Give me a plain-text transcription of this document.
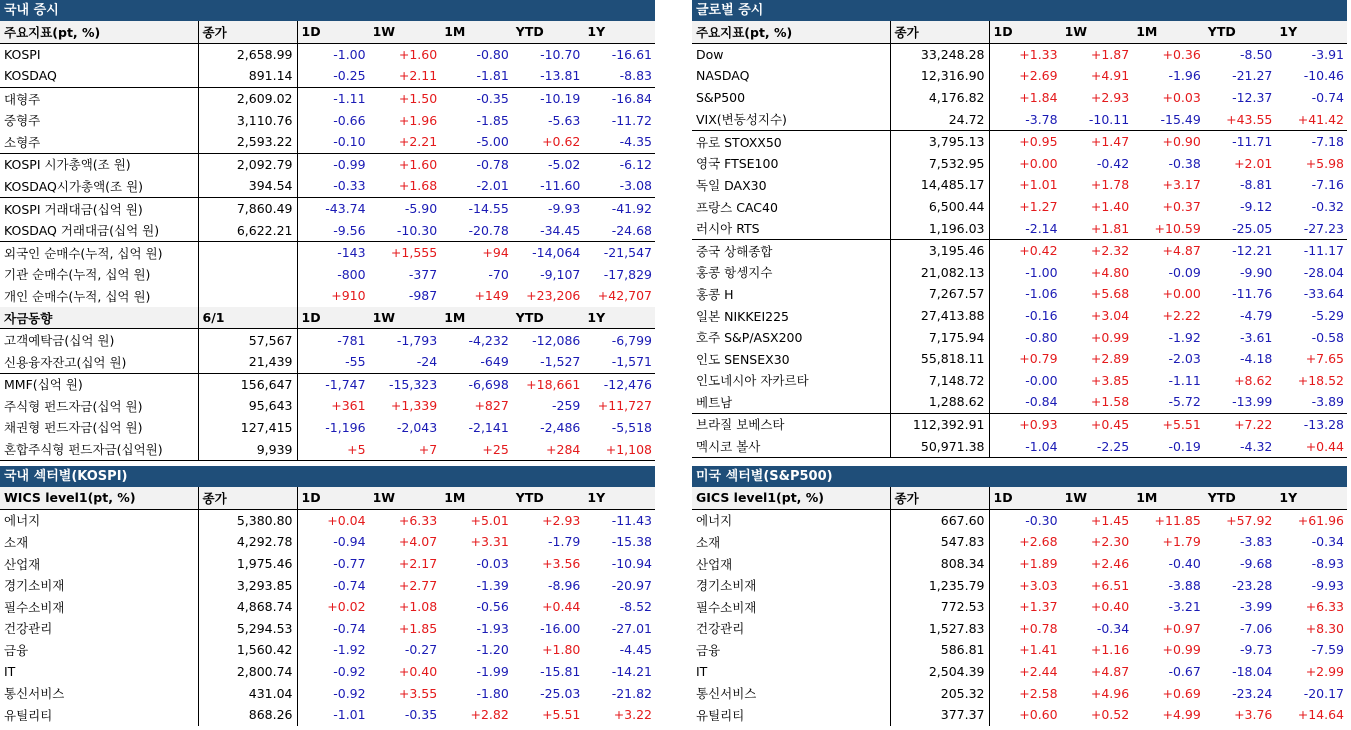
국내 증시
주요지표(pt, %)	종가	1D	1W	1M	YTD	1Y
KOSPI	2,658.99	-1.00	+1.60	-0.80	-10.70	-16.61
KOSDAQ	891.14	-0.25	+2.11	-1.81	-13.81	-8.83
대형주	2,609.02	-1.11	+1.50	-0.35	-10.19	-16.84
중형주	3,110.76	-0.66	+1.96	-1.85	-5.63	-11.72
소형주	2,593.22	-0.10	+2.21	-5.00	+0.62	-4.35
KOSPI 시가총액(조 원)	2,092.79	-0.99	+1.60	-0.78	-5.02	-6.12
KOSDAQ시가총액(조 원)	394.54	-0.33	+1.68	-2.01	-11.60	-3.08
KOSPI 거래대금(십억 원)	7,860.49	-43.74	-5.90	-14.55	-9.93	-41.92
KOSDAQ 거래대금(십억 원)	6,622.21	-9.56	-10.30	-20.78	-34.45	-24.68
외국인 순매수(누적, 십억 원)		-143	+1,555	+94	-14,064	-21,547
기관 순매수(누적, 십억 원)		-800	-377	-70	-9,107	-17,829
개인 순매수(누적, 십억 원)		+910	-987	+149	+23,206	+42,707
자금동향	6/1	1D	1W	1M	YTD	1Y
고객예탁금(십억 원)	57,567	-781	-1,793	-4,232	-12,086	-6,799
신용융자잔고(십억 원)	21,439	-55	-24	-649	-1,527	-1,571
MMF(십억 원)	156,647	-1,747	-15,323	-6,698	+18,661	-12,476
주식형 펀드자금(십억 원)	95,643	+361	+1,339	+827	-259	+11,727
채권형 펀드자금(십억 원)	127,415	-1,196	-2,043	-2,141	-2,486	-5,518
혼합주식형 펀드자금(십억원)	9,939	+5	+7	+25	+284	+1,108
글로벌 증시
주요지표(pt, %)	종가	1D	1W	1M	YTD	1Y
Dow	33,248.28	+1.33	+1.87	+0.36	-8.50	-3.91
NASDAQ	12,316.90	+2.69	+4.91	-1.96	-21.27	-10.46
S&P500	4,176.82	+1.84	+2.93	+0.03	-12.37	-0.74
VIX(변동성지수)	24.72	-3.78	-10.11	-15.49	+43.55	+41.42
유로 STOXX50	3,795.13	+0.95	+1.47	+0.90	-11.71	-7.18
영국 FTSE100	7,532.95	+0.00	-0.42	-0.38	+2.01	+5.98
독일 DAX30	14,485.17	+1.01	+1.78	+3.17	-8.81	-7.16
프랑스 CAC40	6,500.44	+1.27	+1.40	+0.37	-9.12	-0.32
러시아 RTS	1,196.03	-2.14	+1.81	+10.59	-25.05	-27.23
중국 상해종합	3,195.46	+0.42	+2.32	+4.87	-12.21	-11.17
홍콩 항셍지수	21,082.13	-1.00	+4.80	-0.09	-9.90	-28.04
홍콩 H	7,267.57	-1.06	+5.68	+0.00	-11.76	-33.64
일본 NIKKEI225	27,413.88	-0.16	+3.04	+2.22	-4.79	-5.29
호주 S&P/ASX200	7,175.94	-0.80	+0.99	-1.92	-3.61	-0.58
인도 SENSEX30	55,818.11	+0.79	+2.89	-2.03	-4.18	+7.65
인도네시아 자카르타	7,148.72	-0.00	+3.85	-1.11	+8.62	+18.52
베트남	1,288.62	-0.84	+1.58	-5.72	-13.99	-3.89
브라질 보베스타	112,392.91	+0.93	+0.45	+5.51	+7.22	-13.28
멕시코 볼사	50,971.38	-1.04	-2.25	-0.19	-4.32	+0.44
국내 섹터별(KOSPI)
WICS level1(pt, %)	종가	1D	1W	1M	YTD	1Y
에너지	5,380.80	+0.04	+6.33	+5.01	+2.93	-11.43
소재	4,292.78	-0.94	+4.07	+3.31	-1.79	-15.38
산업재	1,975.46	-0.77	+2.17	-0.03	+3.56	-10.94
경기소비재	3,293.85	-0.74	+2.77	-1.39	-8.96	-20.97
필수소비재	4,868.74	+0.02	+1.08	-0.56	+0.44	-8.52
건강관리	5,294.53	-0.74	+1.85	-1.93	-16.00	-27.01
금융	1,560.42	-1.92	-0.27	-1.20	+1.80	-4.45
IT	2,800.74	-0.92	+0.40	-1.99	-15.81	-14.21
통신서비스	431.04	-0.92	+3.55	-1.80	-25.03	-21.82
유틸리티	868.26	-1.01	-0.35	+2.82	+5.51	+3.22
미국 섹터별(S&P500)
GICS level1(pt, %)	종가	1D	1W	1M	YTD	1Y
에너지	667.60	-0.30	+1.45	+11.85	+57.92	+61.96
소재	547.83	+2.68	+2.30	+1.79	-3.83	-0.34
산업재	808.34	+1.89	+2.46	-0.40	-9.68	-8.93
경기소비재	1,235.79	+3.03	+6.51	-3.88	-23.28	-9.93
필수소비재	772.53	+1.37	+0.40	-3.21	-3.99	+6.33
건강관리	1,527.83	+0.78	-0.34	+0.97	-7.06	+8.30
금융	586.81	+1.41	+1.16	+0.99	-9.73	-7.59
IT	2,504.39	+2.44	+4.87	-0.67	-18.04	+2.99
통신서비스	205.32	+2.58	+4.96	+0.69	-23.24	-20.17
유틸리티	377.37	+0.60	+0.52	+4.99	+3.76	+14.64
